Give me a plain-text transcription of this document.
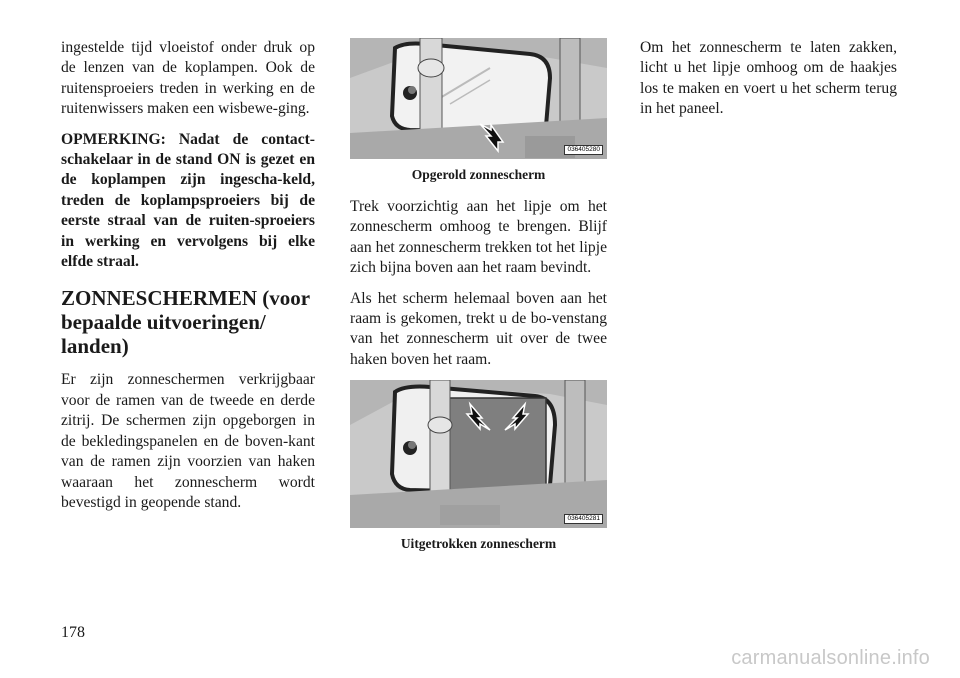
ingestelde tijd vloeistof onder druk op de lenzen van de koplampen. Ook de ruitensproeiers treden in werking en de ruitenwissers maken een wisbewe-ging.

OPMERKING: Nadat de contact-schakelaar in de stand ON is gezet en de koplampen zijn ingescha-keld, treden de koplampsproeiers bij de eerste straal van de ruiten-sproeiers in werking en vervolgens bij elke elfde straal.

ZONNESCHERMEN (voor bepaalde uitvoeringen/ landen)

Er zijn zonneschermen verkrijgbaar voor de ramen van de tweede en derde zitrij. De schermen zijn opgeborgen in de bekledingspanelen en de boven-kant van de ramen zijn voorzien van haken waaraan het zonnescherm wordt bevestigd in geopende stand.

036405280
Opgerold zonnescherm

Trek voorzichtig aan het lipje om het zonnescherm omhoog te brengen. Blijf aan het zonnescherm trekken tot het lipje zich bijna boven aan het raam bevindt.

Als het scherm helemaal boven aan het raam is gekomen, trekt u de bo-venstang van het zonnescherm uit over de twee haken boven het raam.

036405281
Uitgetrokken zonnescherm

Om het zonnescherm te laten zakken, licht u het lipje omhoog om de haakjes los te maken en voert u het scherm terug in het paneel.

178
carmanualsonline.info
